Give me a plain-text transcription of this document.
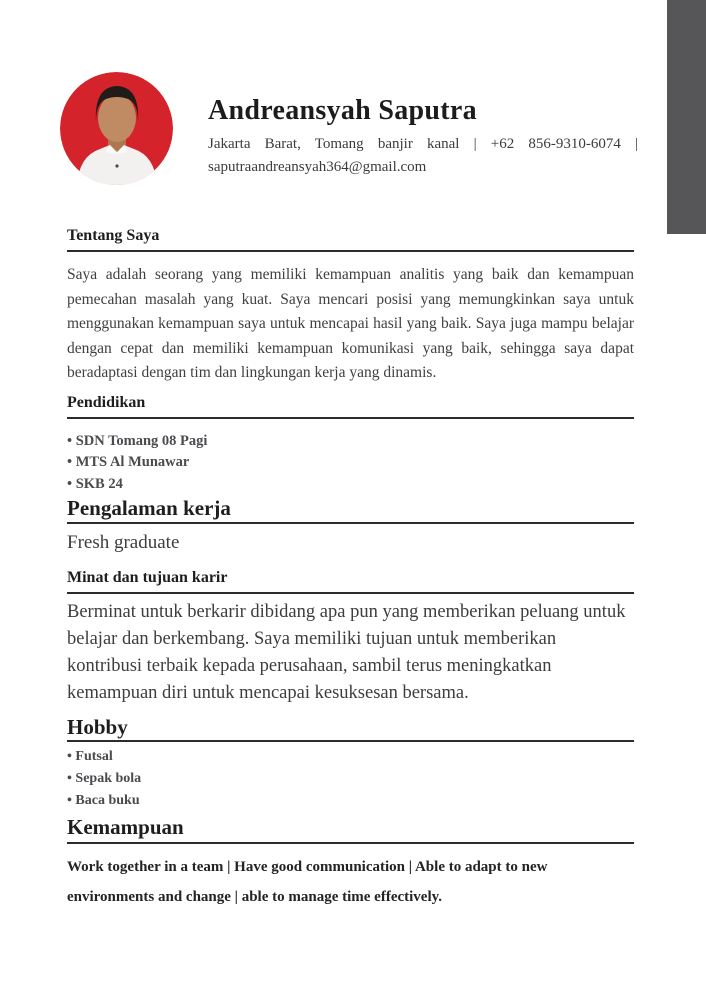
Andreansyah Saputra
Jakarta Barat, Tomang banjir kanal | +62 856-9310-6074 | saputraandreansyah364@gmail.com
Tentang Saya

Saya adalah seorang yang memiliki kemampuan analitis yang baik dan kemampuan pemecahan masalah yang kuat. Saya mencari posisi yang memungkinkan saya untuk menggunakan kemampuan saya untuk mencapai hasil yang baik. Saya juga mampu belajar dengan cepat dan memiliki kemampuan komunikasi yang baik, sehingga saya dapat beradaptasi dengan tim dan lingkungan kerja yang dinamis.

Pendidikan
• SDN Tomang 08 Pagi
• MTS Al Munawar
• SKB 24
Pengalaman kerja

Fresh graduate

Minat dan tujuan karir

Berminat untuk berkarir dibidang apa pun yang memberikan peluang untuk belajar dan berkembang. Saya memiliki tujuan untuk memberikan kontribusi terbaik kepada perusahaan, sambil terus meningkatkan kemampuan diri untuk mencapai kesuksesan bersama.

Hobby
• Futsal
• Sepak bola
• Baca buku
Kemampuan

Work together in a team | Have good communication | Able to adapt to new environments and change | able to manage time effectively.
